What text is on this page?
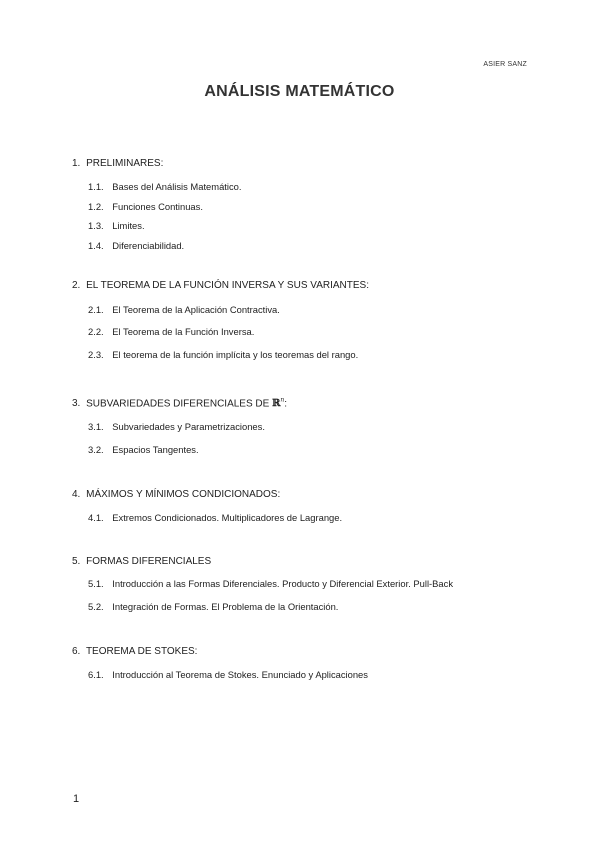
ASIER SANZ
ANÁLISIS MATEMÁTICO
1. PRELIMINARES:
1.1. Bases del Análisis Matemático.
1.2. Funciones Continuas.
1.3. Limites.
1.4. Diferenciabilidad.
2. EL TEOREMA DE LA FUNCIÓN INVERSA Y SUS VARIANTES:
2.1. El Teorema de la Aplicación Contractiva.
2.2. El Teorema de la Función Inversa.
2.3. El teorema de la función implícita y los teoremas del rango.
3. SUBVARIEDADES DIFERENCIALES DE ℝ$^n$:
3.1. Subvariedades y Parametrizaciones.
3.2. Espacios Tangentes.
4. MÁXIMOS Y MÍNIMOS CONDICIONADOS:
4.1. Extremos Condicionados. Multiplicadores de Lagrange.
5. FORMAS DIFERENCIALES
5.1. Introducción a las Formas Diferenciales. Producto y Diferencial Exterior. Pull-Back
5.2. Integración de Formas. El Problema de la Orientación.
6. TEOREMA DE STOKES:
6.1. Introducción al Teorema de Stokes. Enunciado y Aplicaciones
1
